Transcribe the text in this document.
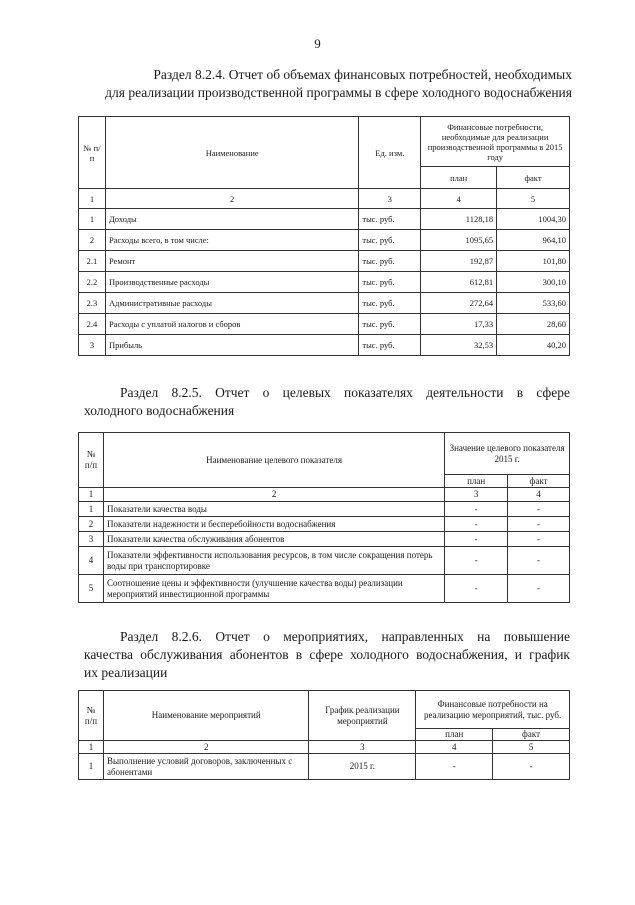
9
Раздел 8.2.4. Отчет об объемах финансовых потребностей, необходимых
для реализации производственной программы в сфере холодного водоснабжения
№ п/п	Наименование	Ед. изм.	Финансовые потребности, необходимые для реализации производственной программы в 2015 году	
			план	факт
1	2	3	4	5
1	Доходы	тыс. руб.	1128,18	1004,30
2	Расходы всего, в том числе:	тыс. руб.	1095,65	964,10
2.1	Ремонт	тыс. руб.	192,87	101,80
2.2	Производственные расходы	тыс. руб.	612,81	300,10
2.3	Административные расходы	тыс. руб.	272,64	533,60
2.4	Расходы с уплатой налогов и сборов	тыс. руб.	17,33	28,60
3	Прибыль	тыс. руб.	32,53	40,20
Раздел 8.2.5. Отчет о целевых показателях деятельности в сфере
холодного водоснабжения
№ п/п	Наименование целевого показателя	Значение целевого показателя 2015 г.	
		план	факт
1	2	3	4
1	Показатели качества воды	-	-
2	Показатели надежности и бесперебойности водоснабжения	-	-
3	Показатели качества обслуживания абонентов	-	-
4	Показатели эффективности использования ресурсов, в том числе сокращения потерь воды при транспортировке	-	-
5	Соотношение цены и эффективности (улучшение качества воды) реализации мероприятий инвестиционной программы	-	-
Раздел 8.2.6. Отчет о мероприятиях, направленных на повышение
качества обслуживания абонентов в сфере холодного водоснабжения, и график
их реализации
№ п/п	Наименование мероприятий	График реализации мероприятий	Финансовые потребности на реализацию мероприятий, тыс. руб.	
			план	факт
1	2	3	4	5
1	Выполнение условий договоров, заключенных с абонентами	2015 г.	-	-
